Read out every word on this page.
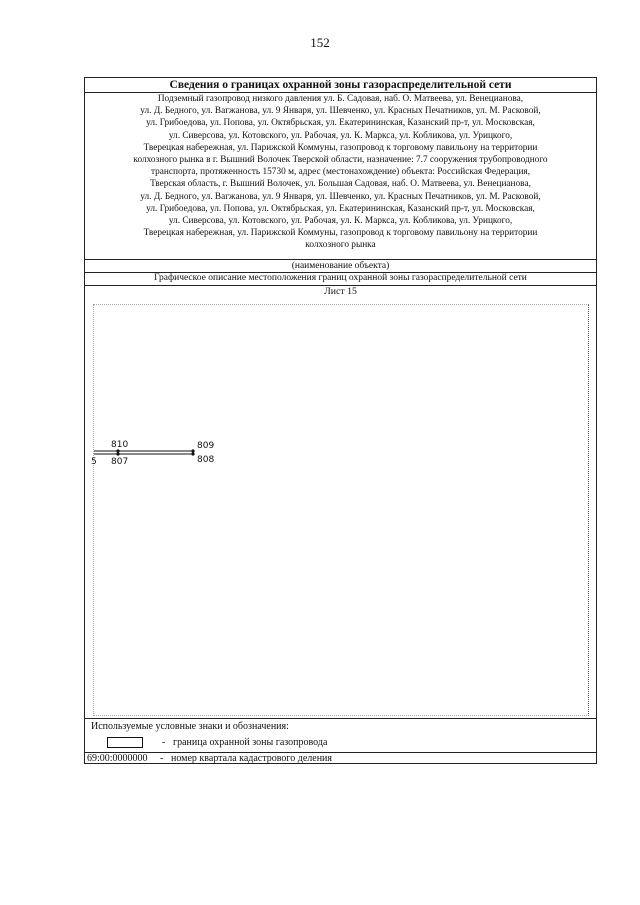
152
Сведения о границах охранной зоны газораспределительной сети
Подземный газопровод низкого давления ул. Б. Садовая, наб. О. Матвеева, ул. Венецианова,
ул. Д. Бедного, ул. Вагжанова, ул. 9 Января, ул. Шевченко, ул. Красных Печатников, ул. М. Расковой,
ул. Грибоедова, ул. Попова, ул. Октябрьская, ул. Екатерининская, Казанский пр-т, ул. Московская,
ул. Сиверсова, ул. Котовского, ул. Рабочая, ул. К. Маркса, ул. Кобликова, ул. Урицкого,
Тверецкая набережная, ул. Парижской Коммуны, газопровод к торговому павильону на территории
колхозного рынка в г. Вышний Волочек Тверской области, назначение: 7.7 сооружения трубопроводного
транспорта, протяженность 15730 м, адрес (местонахождение) объекта: Российская Федерация,
Тверская область, г. Вышний Волочек, ул. Большая Садовая, наб. О. Матвеева, ул. Венецианова,
ул. Д. Бедного, ул. Вагжанова, ул. 9 Января, ул. Шевченко, ул. Красных Печатников, ул. М. Расковой,
ул. Грибоедова, ул. Попова, ул. Октябрьская, ул. Екатерининская, Казанский пр-т, ул. Московская,
ул. Сиверсова, ул. Котовского, ул. Рабочая, ул. К. Маркса, ул. Кобликова, ул. Урицкого,
Тверецкая набережная, ул. Парижской Коммуны, газопровод к торговому павильону на территории
колхозного рынка
(наименование объекта)
Графическое описание местоположения границ охранной зоны газораспределительной сети
Лист 15
810	809
807	808
5
Используемые условные знаки и обозначения:
- граница охранной зоны газопровода
69:00:0000000 - номер квартала кадастрового деления
